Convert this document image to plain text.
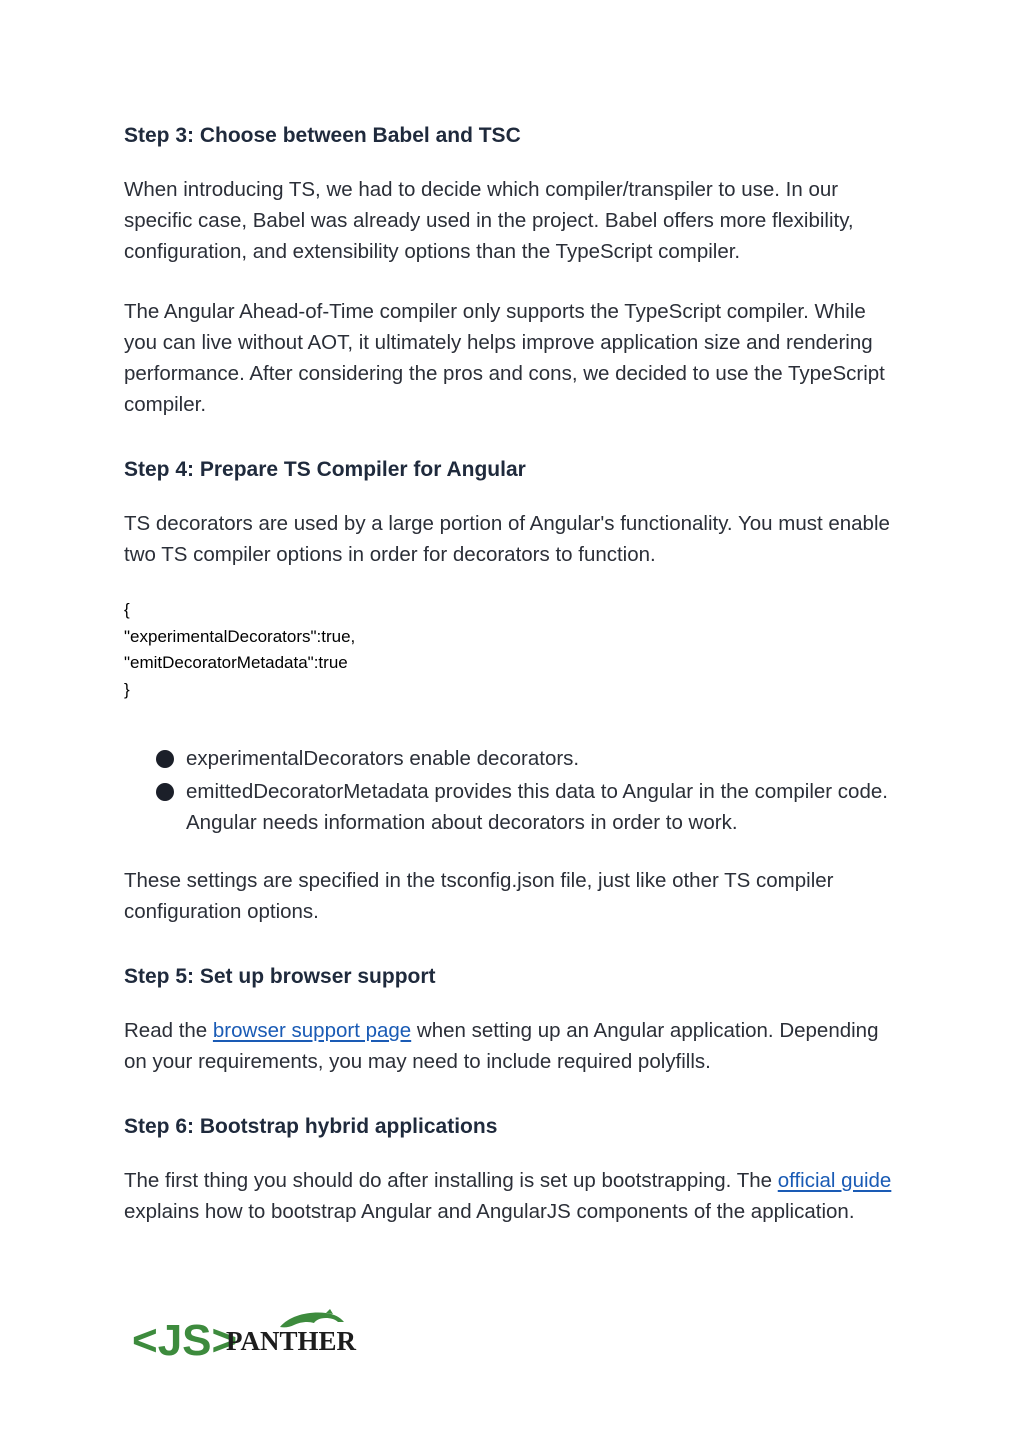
Step 3: Choose between Babel and TSC

When introducing TS, we had to decide which compiler/transpiler to use. In our specific case, Babel was already used in the project. Babel offers more flexibility, configuration, and extensibility options than the TypeScript compiler.

The Angular Ahead-of-Time compiler only supports the TypeScript compiler. While you can live without AOT, it ultimately helps improve application size and rendering performance. After considering the pros and cons, we decided to use the TypeScript compiler.

Step 4: Prepare TS Compiler for Angular

TS decorators are used by a large portion of Angular's functionality. You must enable two TS compiler options in order for decorators to function.

{
"experimentalDecorators":true,
"emitDecoratorMetadata":true
}
experimentalDecorators enable decorators.
emittedDecoratorMetadata provides this data to Angular in the compiler code. Angular needs information about decorators in order to work.

These settings are specified in the tsconfig.json file, just like other TS compiler configuration options.

Step 5: Set up browser support

Read the browser support page when setting up an Angular application. Depending on your requirements, you may need to include required polyfills.

Step 6: Bootstrap hybrid applications

The first thing you should do after installing is set up bootstrapping. The official guide explains how to bootstrap Angular and AngularJS components of the application.

<JS>
PANTHER
